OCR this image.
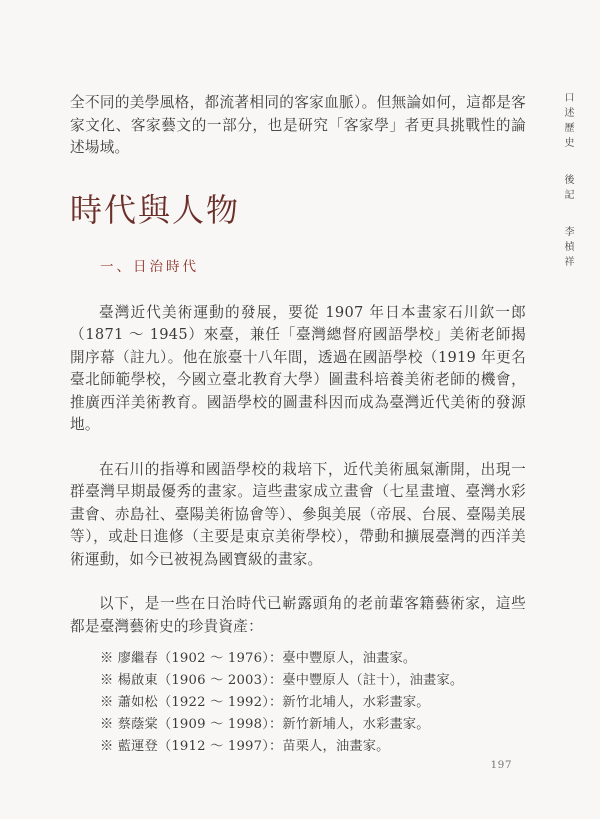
全不同的美學風格，都流著相同的客家血脈）。但無論如何，這都是客家文化、客家藝文的一部分，也是研究「客家學」者更具挑戰性的論述場域。

時代與人物
一、日治時代

臺灣近代美術運動的發展，要從 1907 年日本畫家石川欽一郎（1871 ～ 1945）來臺，兼任「臺灣總督府國語學校」美術老師揭開序幕（註九）。他在旅臺十八年間，透過在國語學校（1919 年更名臺北師範學校，今國立臺北教育大學）圖畫科培養美術老師的機會，推廣西洋美術教育。國語學校的圖畫科因而成為臺灣近代美術的發源地。

在石川的指導和國語學校的栽培下，近代美術風氣漸開，出現一群臺灣早期最優秀的畫家。這些畫家成立畫會（七星畫壇、臺灣水彩畫會、赤島社、臺陽美術協會等）、參與美展（帝展、台展、臺陽美展等），或赴日進修（主要是東京美術學校），帶動和擴展臺灣的西洋美術運動，如今已被視為國寶級的畫家。

以下，是一些在日治時代已嶄露頭角的老前輩客籍藝術家，這些都是臺灣藝術史的珍貴資產：

※ 廖繼春（1902 ～ 1976）：臺中豐原人，油畫家。
※ 楊啟東（1906 ～ 2003）：臺中豐原人（註十），油畫家。
※ 蕭如松（1922 ～ 1992）：新竹北埔人，水彩畫家。
※ 蔡蔭棠（1909 ～ 1998）：新竹新埔人，水彩畫家。
※ 藍運登（1912 ～ 1997）：苗栗人，油畫家。
口述歷史
後記
李楨祥
197
